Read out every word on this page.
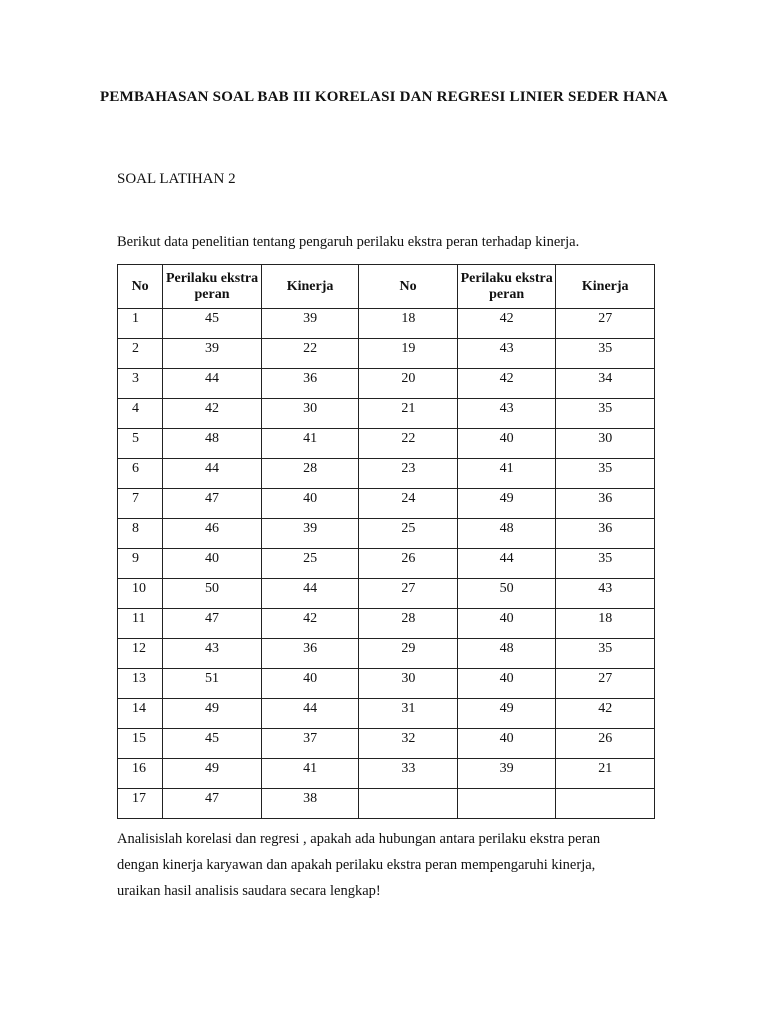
PEMBAHASAN SOAL BAB III KORELASI DAN REGRESI LINIER SEDER HANA
SOAL LATIHAN 2
Berikut data penelitian tentang pengaruh perilaku ekstra peran terhadap kinerja.
No	Perilaku ekstra peran	Kinerja	No	Perilaku ekstra peran	Kinerja
1	45	39	18	42	27
2	39	22	19	43	35
3	44	36	20	42	34
4	42	30	21	43	35
5	48	41	22	40	30
6	44	28	23	41	35
7	47	40	24	49	36
8	46	39	25	48	36
9	40	25	26	44	35
10	50	44	27	50	43
11	47	42	28	40	18
12	43	36	29	48	35
13	51	40	30	40	27
14	49	44	31	49	42
15	45	37	32	40	26
16	49	41	33	39	21
17	47	38			
Analisislah korelasi dan regresi , apakah ada hubungan antara perilaku ekstra peran
dengan kinerja karyawan dan apakah perilaku ekstra peran mempengaruhi kinerja,
uraikan hasil analisis saudara secara lengkap!
